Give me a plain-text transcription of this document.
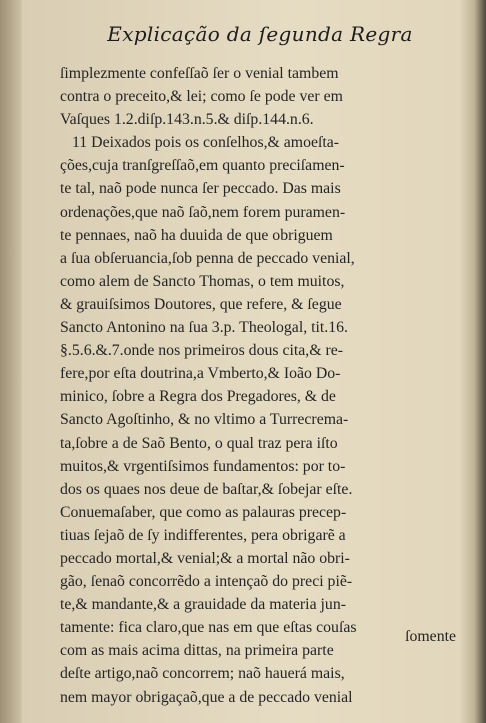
Explicação da ſegunda Regra
ſimplezmente confeſſaõ ſer o venial tambem
contra o preceito,& lei; como ſe pode ver em
Vaſques 1.2.diſp.143.n.5.& diſp.144.n.6.
11 Deixados pois os conſelhos,& amoeſta-
ções,cuja tranſgreſſaõ,em quanto preciſamen-
te tal, naõ pode nunca ſer peccado. Das mais
ordenações,que naõ ſaõ,nem forem puramen-
te pennaes, naõ ha duuida de que obriguem
a ſua obſeruancia,ſob penna de peccado venial,
como alem de Sancto Thomas, o tem muitos,
& grauiſsimos Doutores, que refere, & ſegue
Sancto Antonino na ſua 3.p. Theologal, tit.16.
§.5.6.&.7.onde nos primeiros dous cita,& re-
fere,por eſta doutrina,a Vmberto,& Ioão Do-
minico, ſobre a Regra dos Pregadores, & de
Sancto Agoſtinho, & no vltimo a Turrecrema-
ta,ſobre a de Saõ Bento, o qual traz pera iſto
muitos,& vrgentiſsimos fundamentos: por to-
dos os quaes nos deue de baſtar,& ſobejar eſte.
Conuemaſaber, que como as palauras precep-
tiuas ſejaõ de ſy indifferentes, pera obrigarẽ a
peccado mortal,& venial;& a mortal não obri-
gão, ſenaõ concorrẽdo a intençaõ do preci piẽ-
te,& mandante,& a grauidade da materia jun-
tamente: fica claro,que nas em que eſtas couſas
com as mais acima dittas, na primeira parte
deſte artigo,naõ concorrem; naõ hauerá mais,
nem mayor obrigaçaõ,que a de peccado venial
ſomente
